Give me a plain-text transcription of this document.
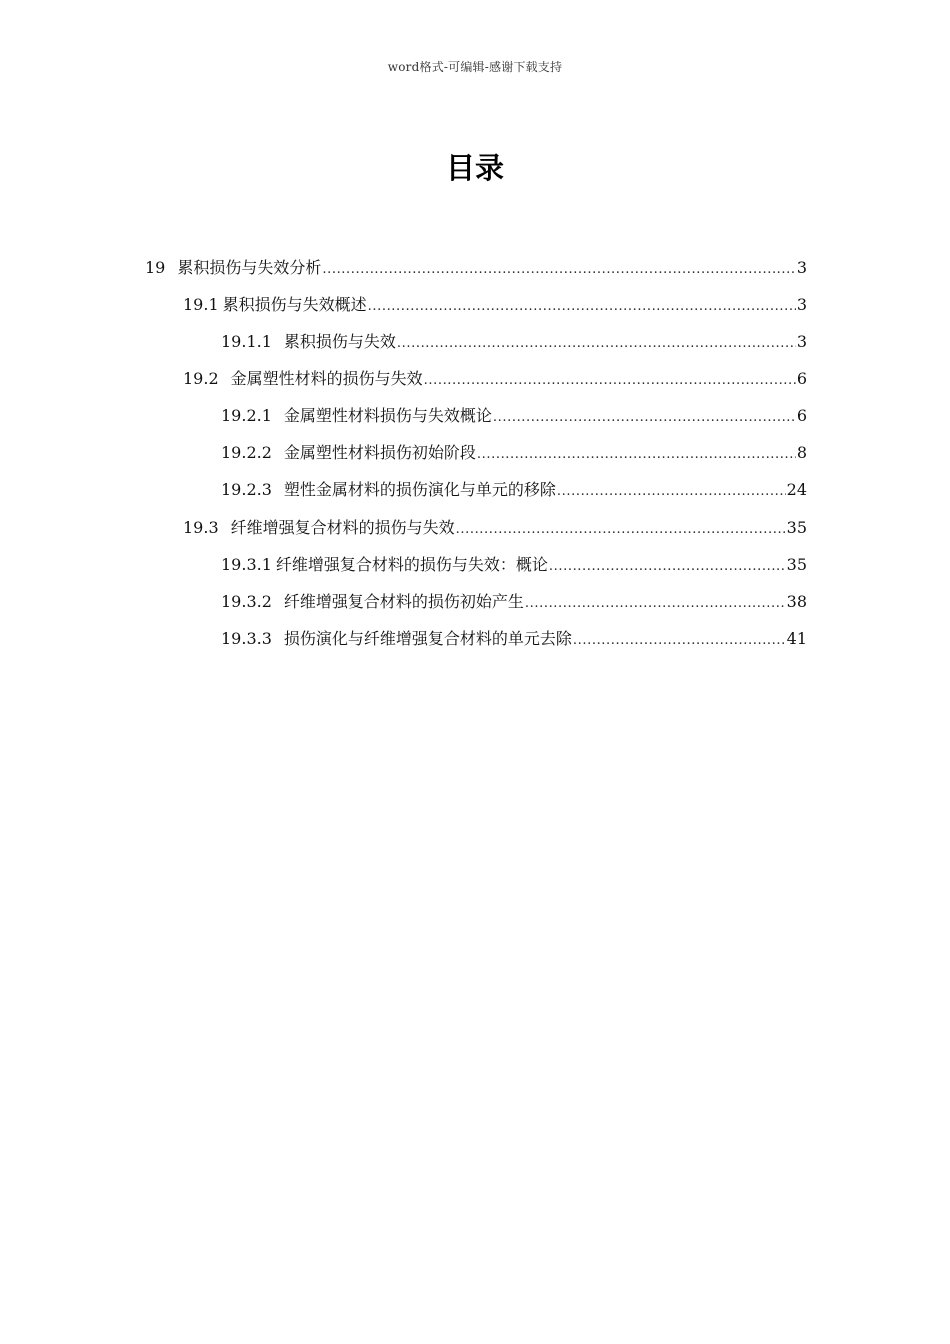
word格式-可编辑-感谢下载支持
目录
19 累积损伤与失效分析 .....	3
19.1 累积损伤与失效概述 .....	3
19.1.1 累积损伤与失效 .....	3
19.2 金属塑性材料的损伤与失效 .....	6
19.2.1 金属塑性材料损伤与失效概论 .....	6
19.2.2 金属塑性材料损伤初始阶段 .....	8
19.2.3 塑性金属材料的损伤演化与单元的移除 .....	24
19.3 纤维增强复合材料的损伤与失效 .....	35
19.3.1 纤维增强复合材料的损伤与失效：概论 .....	35
19.3.2 纤维增强复合材料的损伤初始产生 .....	38
19.3.3 损伤演化与纤维增强复合材料的单元去除 .....	41
